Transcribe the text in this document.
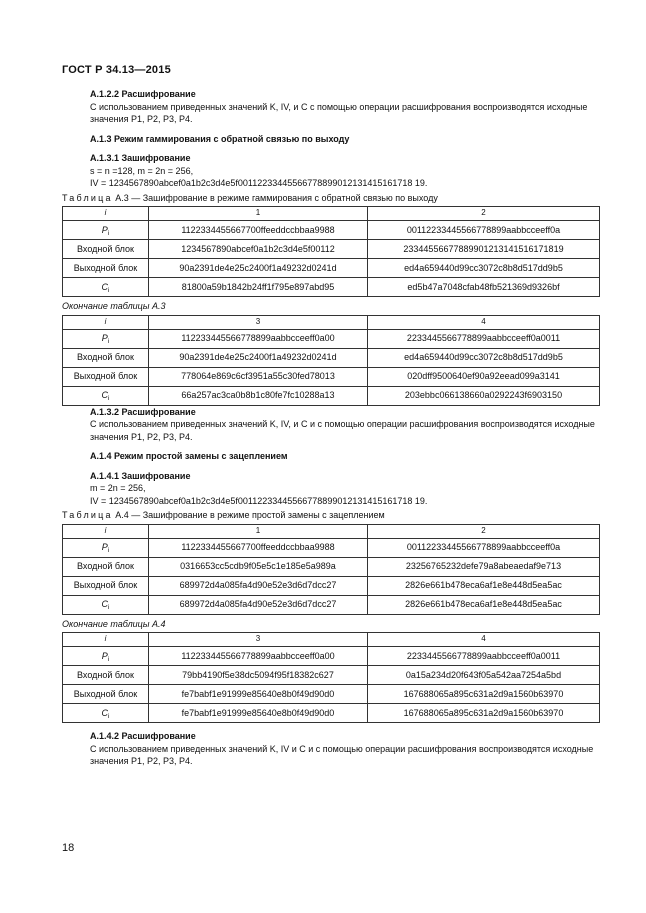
ГОСТ Р 34.13—2015

А.1.2.2 Расшифрование

С использованием приведенных значений K, IV, и C с помощью операции расшифрования воспроизводятся исходные значения P1, P2, P3, P4.

А.1.3 Режим гаммирования с обратной связью по выходу

А.1.3.1 Зашифрование

s = n =128, m = 2n = 256,

IV = 1234567890abcef0a1b2c3d4e5f00112233445566778899012131415161718 19.

Таблица А.3 — Зашифрование в режиме гаммирования с обратной связью по выходу

i	1	2
$P_i$	1122334455667700ffeeddccbbaa9988	00112233445566778899aabbcceeff0a
Входной блок	1234567890abcef0a1b2c3d4e5f00112	23344556677889901213141516171819
Выходной блок	90a2391de4e25c2400f1a49232d0241d	ed4a659440d99cc3072c8b8d517dd9b5
$C_i$	81800a59b1842b24ff1f795e897abd95	ed5b47a7048cfab48fb521369d9326bf

Окончание таблицы А.3

i	3	4
$P_i$	112233445566778899aabbcceeff0a00	2233445566778899aabbcceeff0a0011
Входной блок	90a2391de4e25c2400f1a49232d0241d	ed4a659440d99cc3072c8b8d517dd9b5
Выходной блок	778064e869c6cf3951a55c30fed78013	020dff9500640ef90a92eead099a3141
$C_i$	66a257ac3ca0b8b1c80fe7fc10288a13	203ebbc066138660a0292243f6903150

А.1.3.2 Расшифрование

С использованием приведенных значений K, IV, и C и с помощью операции расшифрования воспроизводятся исходные значения P1, P2, P3, P4.

А.1.4 Режим простой замены с зацеплением

А.1.4.1 Зашифрование

m = 2n = 256,

IV = 1234567890abcef0a1b2c3d4e5f00112233445566778899012131415161718 19.

Таблица А.4 — Зашифрование в режиме простой замены с зацеплением

i	1	2
$P_i$	1122334455667700ffeeddccbbaa9988	00112233445566778899aabbcceeff0a
Входной блок	0316653cc5cdb9f05e5c1e185e5a989a	23256765232defe79a8abeaedaf9e713
Выходной блок	689972d4a085fa4d90e52e3d6d7dcc27	2826e661b478eca6af1e8e448d5ea5ac
$C_i$	689972d4a085fa4d90e52e3d6d7dcc27	2826e661b478eca6af1e8e448d5ea5ac

Окончание таблицы А.4

i	3	4
$P_i$	112233445566778899aabbcceeff0a00	2233445566778899aabbcceeff0a0011
Входной блок	79bb4190f5e38dc5094f95f18382c627	0a15a234d20f643f05a542aa7254a5bd
Выходной блок	fe7babf1e91999e85640e8b0f49d90d0	167688065a895c631a2d9a1560b63970
$C_i$	fe7babf1e91999e85640e8b0f49d90d0	167688065a895c631a2d9a1560b63970

А.1.4.2 Расшифрование

С использованием приведенных значений K, IV и C и с помощью операции расшифрования воспроизводятся исходные значения P1, P2, P3, P4.

18
